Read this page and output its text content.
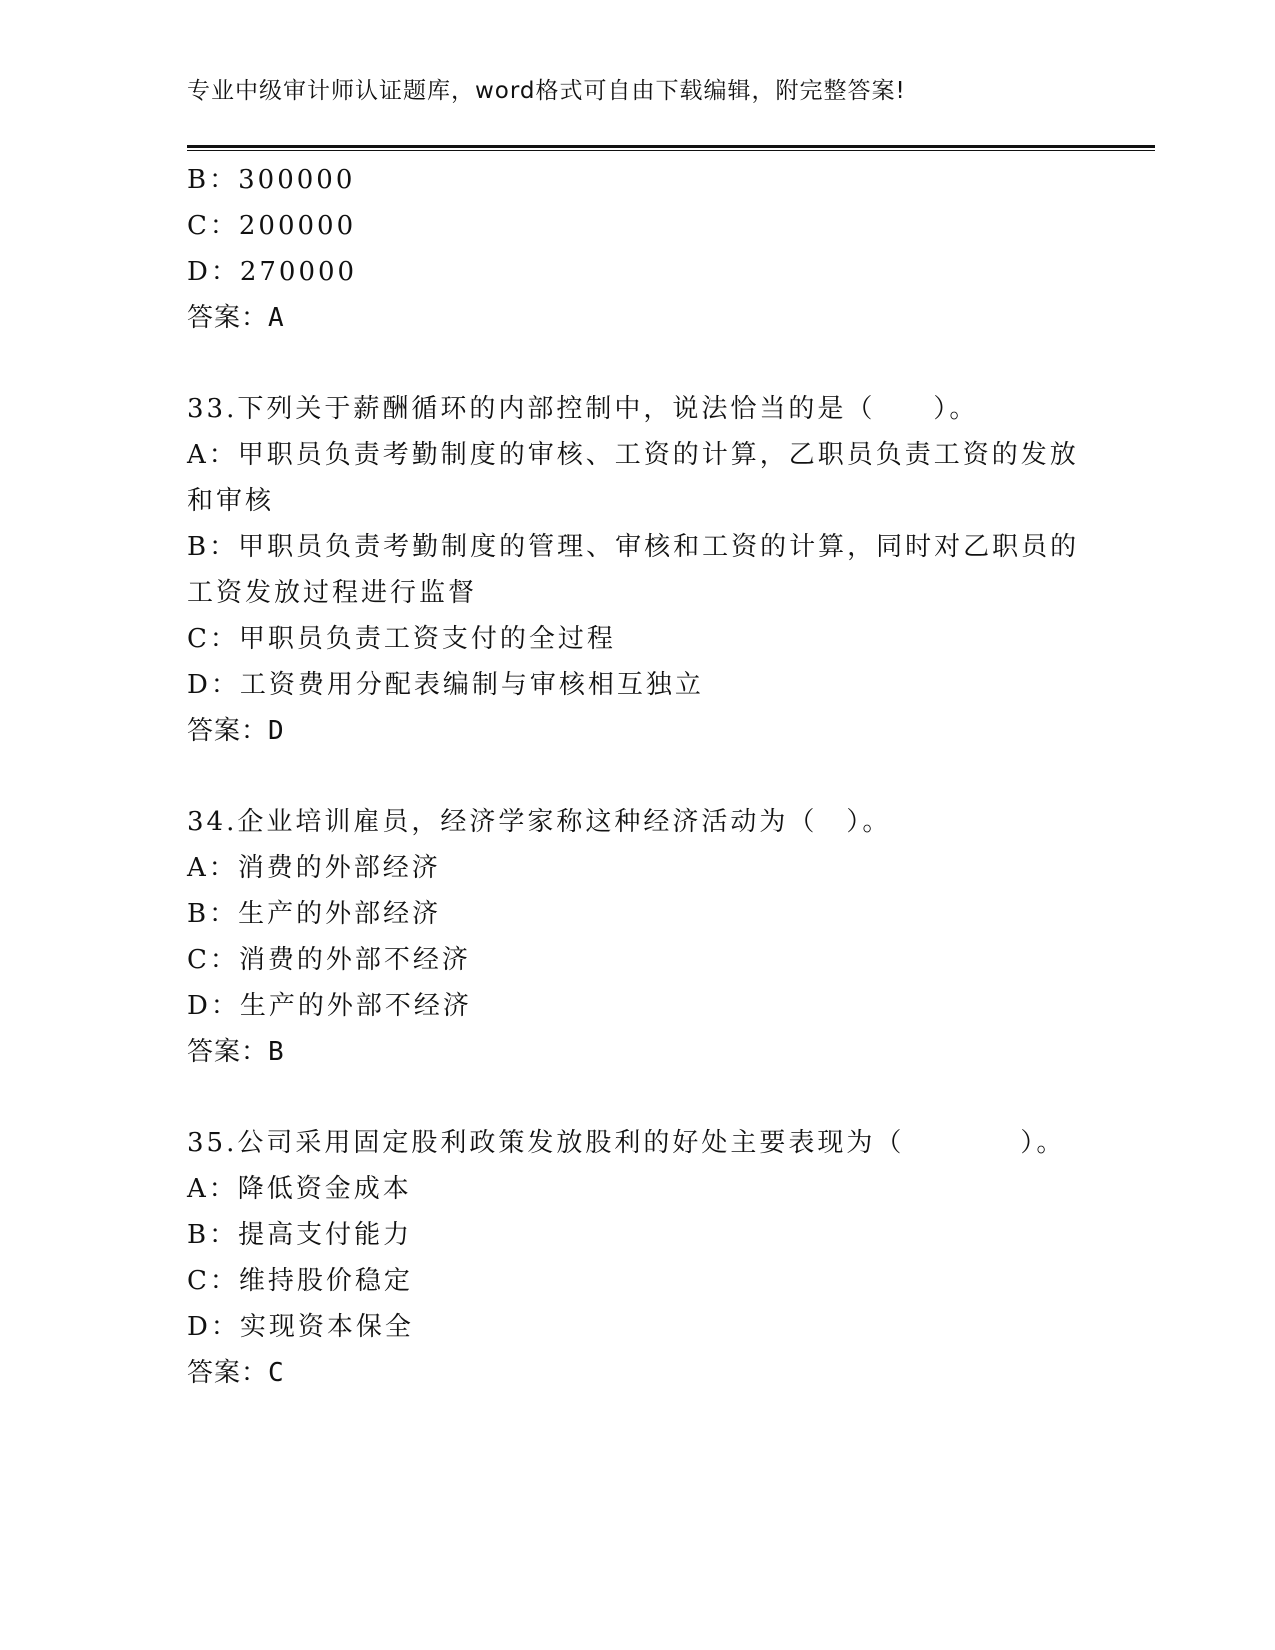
专业中级审计师认证题库，word格式可自由下载编辑，附完整答案!
B：300000
C：200000
D：270000
答案：A
33.下列关于薪酬循环的内部控制中，说法恰当的是（　　）。
A：甲职员负责考勤制度的审核、工资的计算，乙职员负责工资的发放
和审核
B：甲职员负责考勤制度的管理、审核和工资的计算，同时对乙职员的
工资发放过程进行监督
C：甲职员负责工资支付的全过程
D：工资费用分配表编制与审核相互独立
答案：D
34.企业培训雇员，经济学家称这种经济活动为（　）。
A：消费的外部经济
B：生产的外部经济
C：消费的外部不经济
D：生产的外部不经济
答案：B
35.公司采用固定股利政策发放股利的好处主要表现为（　　　　）。
A：降低资金成本
B：提高支付能力
C：维持股价稳定
D：实现资本保全
答案：C
